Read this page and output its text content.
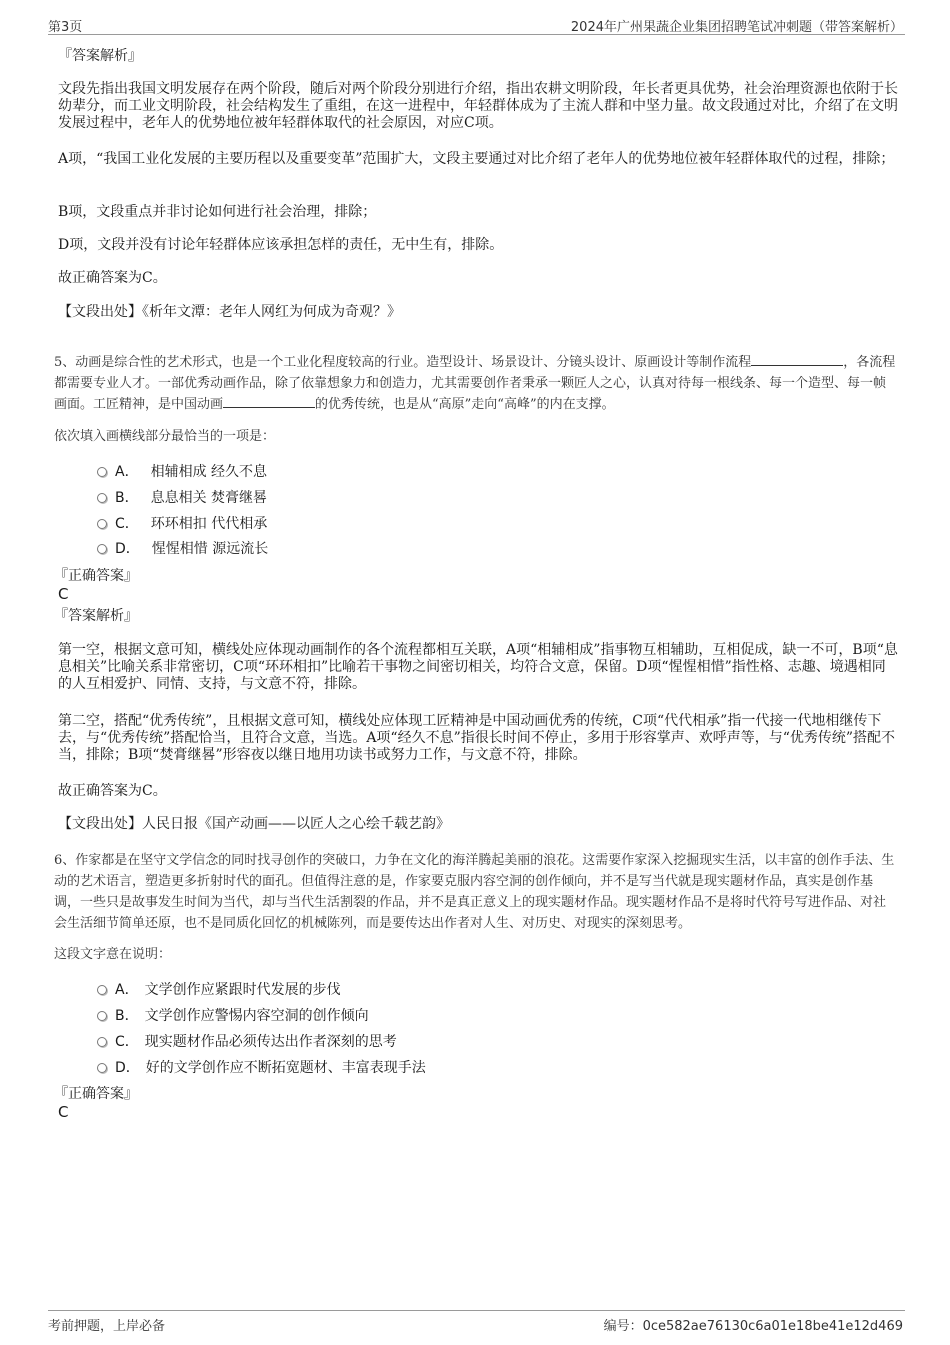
第3页	2024年广州果蔬企业集团招聘笔试冲刺题（带答案解析）
『答案解析』
文段先指出我国文明发展存在两个阶段，随后对两个阶段分别进行介绍，指出农耕文明阶段，年长者更具优势，社会治理资源也依附于长幼辈分，而工业文明阶段，社会结构发生了重组，在这一进程中，年轻群体成为了主流人群和中坚力量。故文段通过对比，介绍了在文明发展过程中，老年人的优势地位被年轻群体取代的社会原因，对应C项。
A项，“我国工业化发展的主要历程以及重要变革”范围扩大，文段主要通过对比介绍了老年人的优势地位被年轻群体取代的过程，排除；
B项，文段重点并非讨论如何进行社会治理，排除；
D项，文段并没有讨论年轻群体应该承担怎样的责任，无中生有，排除。
故正确答案为C。
【文段出处】《析年文潭：老年人网红为何成为奇观？》
5、动画是综合性的艺术形式，也是一个工业化程度较高的行业。造型设计、场景设计、分镜头设计、原画设计等制作流程	，各流程都需要专业人才。一部优秀动画作品，除了依靠想象力和创造力，尤其需要创作者秉承一颗匠人之心，认真对待每一根线条、每一个造型、每一帧画面。工匠精神，是中国动画	的优秀传统，也是从“高原”走向“高峰”的内在支撑。
依次填入画横线部分最恰当的一项是：
A． 相辅相成 经久不息
B． 息息相关 焚膏继晷
C． 环环相扣 代代相承
D． 惺惺相惜 源远流长
『正确答案』
C
『答案解析』
第一空，根据文意可知，横线处应体现动画制作的各个流程都相互关联，A项“相辅相成”指事物互相辅助，互相促成，缺一不可，B项“息息相关”比喻关系非常密切，C项“环环相扣”比喻若干事物之间密切相关，均符合文意，保留。D项“惺惺相惜”指性格、志趣、境遇相同的人互相爱护、同情、支持，与文意不符，排除。
第二空，搭配“优秀传统”，且根据文意可知，横线处应体现工匠精神是中国动画优秀的传统，C项“代代相承”指一代接一代地相继传下去，与“优秀传统”搭配恰当，且符合文意，当选。A项“经久不息”指很长时间不停止，多用于形容掌声、欢呼声等，与“优秀传统”搭配不当，排除；B项“焚膏继晷”形容夜以继日地用功读书或努力工作，与文意不符，排除。
故正确答案为C。
【文段出处】人民日报《国产动画——以匠人之心绘千载艺韵》
6、作家都是在坚守文学信念的同时找寻创作的突破口，力争在文化的海洋腾起美丽的浪花。这需要作家深入挖掘现实生活，以丰富的创作手法、生动的艺术语言，塑造更多折射时代的面孔。但值得注意的是，作家要克服内容空洞的创作倾向，并不是写当代就是现实题材作品，真实是创作基调，一些只是故事发生时间为当代，却与当代生活割裂的作品，并不是真正意义上的现实题材作品。现实题材作品不是将时代符号写进作品、对社会生活细节简单还原，也不是同质化回忆的机械陈列，而是要传达出作者对人生、对历史、对现实的深刻思考。
这段文字意在说明：
A． 文学创作应紧跟时代发展的步伐
B． 文学创作应警惕内容空洞的创作倾向
C． 现实题材作品必须传达出作者深刻的思考
D． 好的文学创作应不断拓宽题材、丰富表现手法
『正确答案』
C
考前押题，上岸必备	编号：0ce582ae76130c6a01e18be41e12d469
